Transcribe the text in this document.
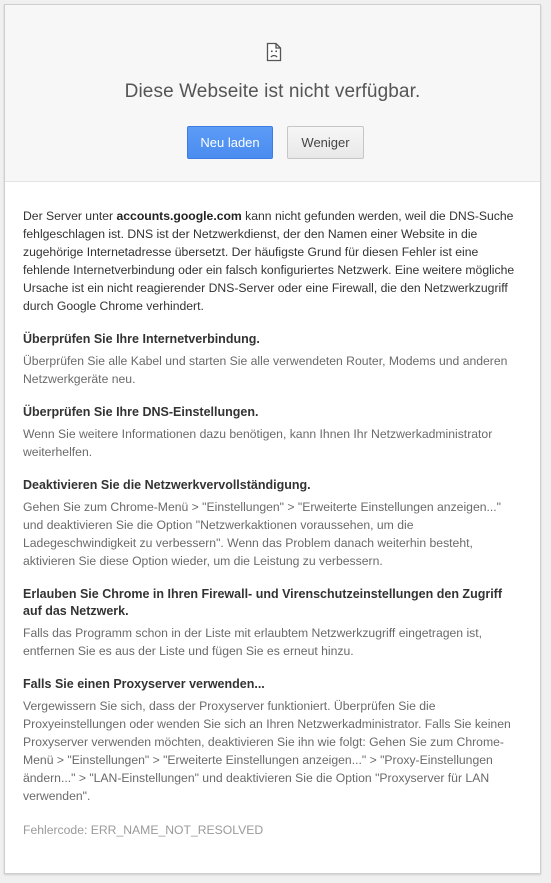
Diese Webseite ist nicht verfügbar.
Neu laden	Weniger

Der Server unter accounts.google.com kann nicht gefunden werden, weil die DNS-Suche fehlgeschlagen ist. DNS ist der Netzwerkdienst, der den Namen einer Website in die zugehörige Internetadresse übersetzt. Der häufigste Grund für diesen Fehler ist eine fehlende Internetverbindung oder ein falsch konfiguriertes Netzwerk. Eine weitere mögliche Ursache ist ein nicht reagierender DNS-Server oder eine Firewall, die den Netzwerkzugriff durch Google Chrome verhindert.

Überprüfen Sie Ihre Internetverbindung.

Überprüfen Sie alle Kabel und starten Sie alle verwendeten Router, Modems und anderen Netzwerkgeräte neu.

Überprüfen Sie Ihre DNS-Einstellungen.

Wenn Sie weitere Informationen dazu benötigen, kann Ihnen Ihr Netzwerkadministrator weiterhelfen.

Deaktivieren Sie die Netzwerkvervollständigung.

Gehen Sie zum Chrome-Menü > "Einstellungen" > "Erweiterte Einstellungen anzeigen..." und deaktivieren Sie die Option "Netzwerkaktionen voraussehen, um die Ladegeschwindigkeit zu verbessern". Wenn das Problem danach weiterhin besteht, aktivieren Sie diese Option wieder, um die Leistung zu verbessern.

Erlauben Sie Chrome in Ihren Firewall- und Virenschutzeinstellungen den Zugriff auf das Netzwerk.

Falls das Programm schon in der Liste mit erlaubtem Netzwerkzugriff eingetragen ist, entfernen Sie es aus der Liste und fügen Sie es erneut hinzu.

Falls Sie einen Proxyserver verwenden...

Vergewissern Sie sich, dass der Proxyserver funktioniert. Überprüfen Sie die Proxyeinstellungen oder wenden Sie sich an Ihren Netzwerkadministrator. Falls Sie keinen Proxyserver verwenden möchten, deaktivieren Sie ihn wie folgt: Gehen Sie zum Chrome-Menü > "Einstellungen" > "Erweiterte Einstellungen anzeigen..." > "Proxy-Einstellungen ändern..." > "LAN-Einstellungen" und deaktivieren Sie die Option "Proxyserver für LAN verwenden".

Fehlercode: ERR_NAME_NOT_RESOLVED
